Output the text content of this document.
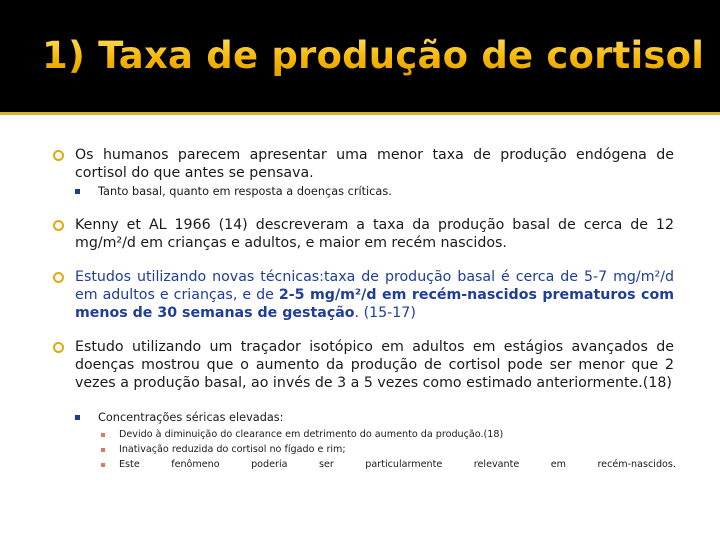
1) Taxa de produção de cortisol
Os humanos parecem apresentar uma menor taxa de produção endógena de cortisol do que antes se pensava.
Tanto basal, quanto em resposta a doenças críticas.
Kenny et AL 1966 (14) descreveram a taxa da produção basal de cerca de 12 mg/m²/d em crianças e adultos, e maior em recém nascidos.
Estudos utilizando novas técnicas:taxa de produção basal é cerca de 5-7 mg/m²/d em adultos e crianças, e de 2-5 mg/m²/d em recém-nascidos prematuros com menos de 30 semanas de gestação. (15-17)
Estudo utilizando um traçador isotópico em adultos em estágios avançados de doenças mostrou que o aumento da produção de cortisol pode ser menor que 2 vezes a produção basal, ao invés de 3 a 5 vezes como estimado anteriormente.(18)
Concentrações séricas elevadas:
Devido à diminuição do clearance em detrimento do aumento da produção.(18)
Inativação reduzida do cortisol no fígado e rim;
Este	fenômeno	poderia	ser	particularmente	relevante	em	recém-nascidos.
